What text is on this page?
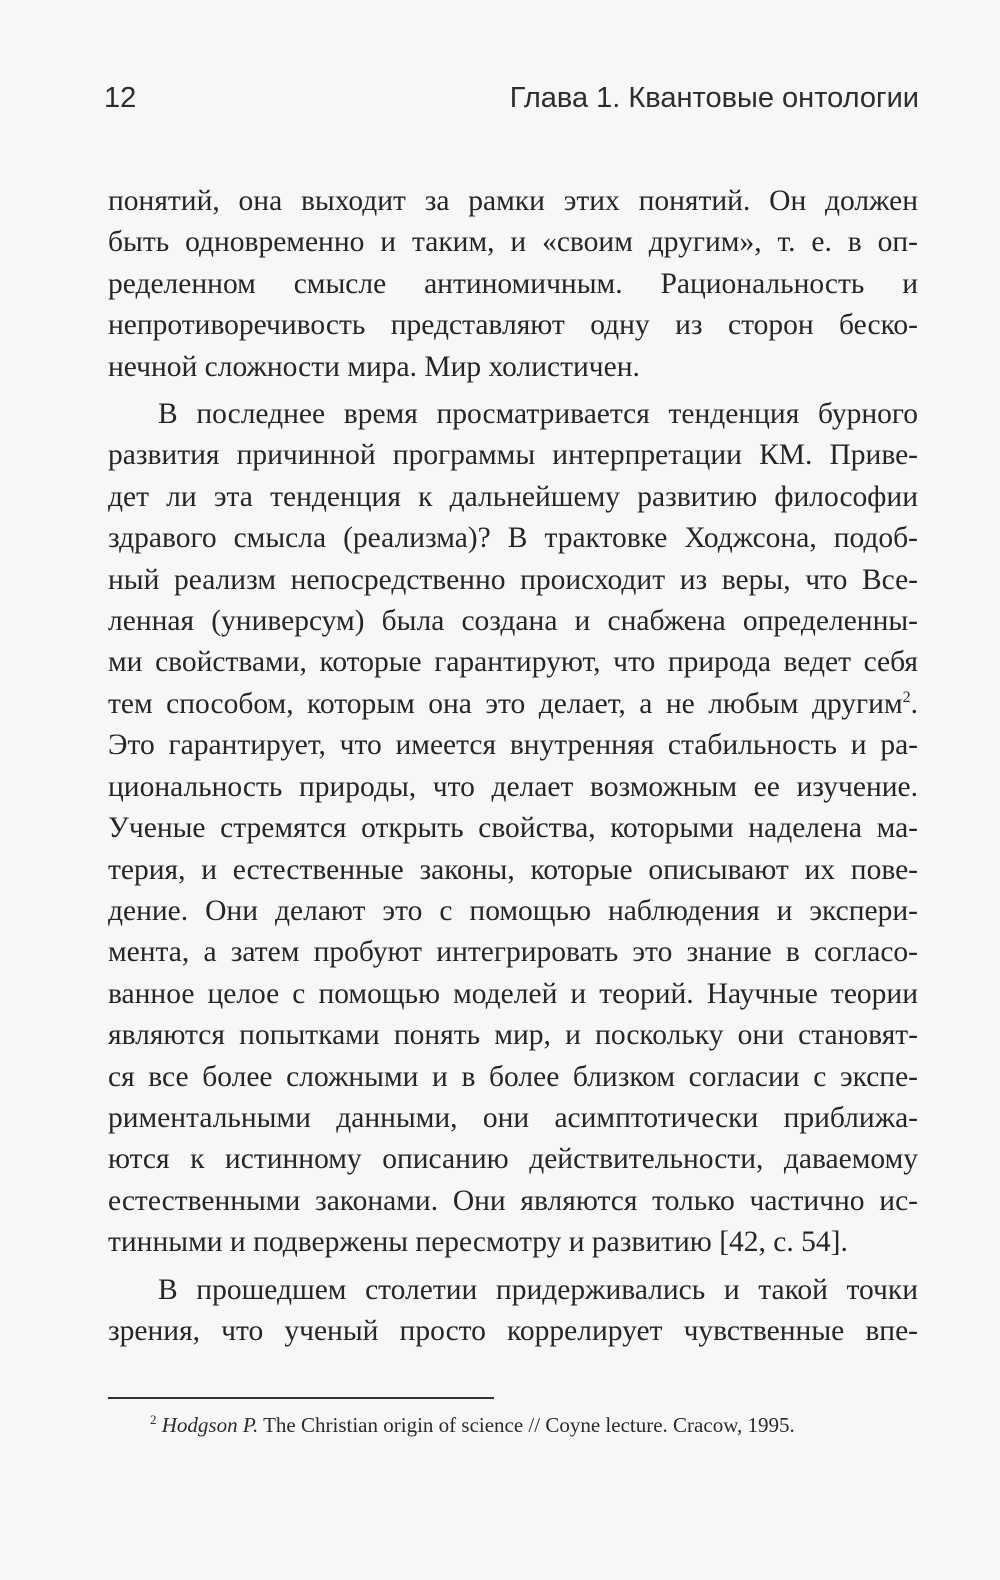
12	Глава 1. Квантовые онтологии

понятий, она выходит за рамки этих понятий. Он должен
быть одновременно и таким, и «своим другим», т. е. в оп-
ределенном смысле антиномичным. Рациональность и
непротиворечивость представляют одну из сторон беско-
нечной сложности мира. Мир холистичен.

В последнее время просматривается тенденция бурного
развития причинной программы интерпретации КМ. Приве-
дет ли эта тенденция к дальнейшему развитию философии
здравого смысла (реализма)? В трактовке Ходжсона, подоб-
ный реализм непосредственно происходит из веры, что Все-
ленная (универсум) была создана и снабжена определенны-
ми свойствами, которые гарантируют, что природа ведет себя
тем способом, которым она это делает, а не любым другим$^2$.
Это гарантирует, что имеется внутренняя стабильность и ра-
циональность природы, что делает возможным ее изучение.
Ученые стремятся открыть свойства, которыми наделена ма-
терия, и естественные законы, которые описывают их пове-
дение. Они делают это с помощью наблюдения и экспери-
мента, а затем пробуют интегрировать это знание в согласо-
ванное целое с помощью моделей и теорий. Научные теории
являются попытками понять мир, и поскольку они становят-
ся все более сложными и в более близком согласии с экспе-
риментальными данными, они асимптотически приближа-
ются к истинному описанию действительности, даваемому
естественными законами. Они являются только частично ис-
тинными и подвержены пересмотру и развитию [42, с. 54].

В прошедшем столетии придерживались и такой точки
зрения, что ученый просто коррелирует чувственные впе-

$^2$ Hodgson P. The Christian origin of science // Coyne lecture. Cracow, 1995.
